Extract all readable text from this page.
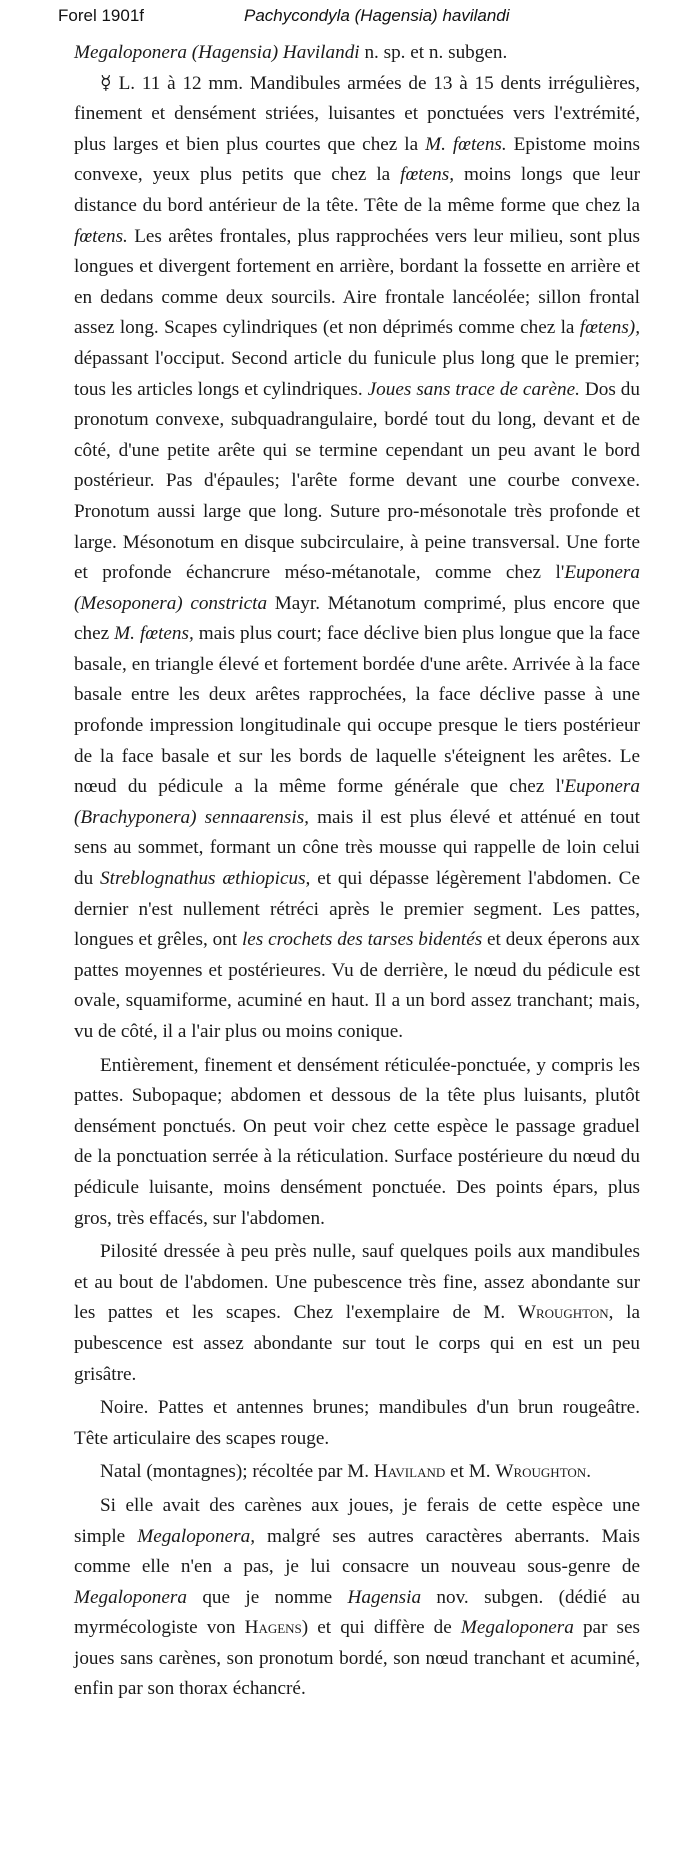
Forel 1901f	Pachycondyla (Hagensia) havilandi

Megaloponera (Hagensia) Havilandi n. sp. et n. subgen.

☿ L. 11 à 12 mm. Mandibules armées de 13 à 15 dents irrégulières, finement et densément striées, luisantes et ponctuées vers l'extrémité, plus larges et bien plus courtes que chez la M. fœtens. Epistome moins convexe, yeux plus petits que chez la fœtens, moins longs que leur distance du bord antérieur de la tête. Tête de la même forme que chez la fœtens. Les arêtes frontales, plus rapprochées vers leur milieu, sont plus longues et divergent fortement en arrière, bordant la fossette en arrière et en dedans comme deux sourcils. Aire frontale lancéolée; sillon frontal assez long. Scapes cylindriques (et non déprimés comme chez la fœtens), dépassant l'occiput. Second article du funicule plus long que le premier; tous les articles longs et cylindriques. Joues sans trace de carène. Dos du pronotum convexe, subquadrangulaire, bordé tout du long, devant et de côté, d'une petite arête qui se termine cependant un peu avant le bord postérieur. Pas d'épaules; l'arête forme devant une courbe convexe. Pronotum aussi large que long. Suture pro-mésonotale très profonde et large. Mésonotum en disque subcirculaire, à peine transversal. Une forte et profonde échancrure méso-métanotale, comme chez l'Euponera (Mesoponera) constricta Mayr. Métanotum comprimé, plus encore que chez M. fœtens, mais plus court; face déclive bien plus longue que la face basale, en triangle élevé et fortement bordée d'une arête. Arrivée à la face basale entre les deux arêtes rapprochées, la face déclive passe à une profonde impression longitudinale qui occupe presque le tiers postérieur de la face basale et sur les bords de laquelle s'éteignent les arêtes. Le nœud du pédicule a la même forme générale que chez l'Euponera (Brachyponera) sennaarensis, mais il est plus élevé et atténué en tout sens au sommet, formant un cône très mousse qui rappelle de loin celui du Streblognathus æthiopicus, et qui dépasse légèrement l'abdomen. Ce dernier n'est nullement rétréci après le premier segment. Les pattes, longues et grêles, ont les crochets des tarses bidentés et deux éperons aux pattes moyennes et postérieures. Vu de derrière, le nœud du pédicule est ovale, squamiforme, acuminé en haut. Il a un bord assez tranchant; mais, vu de côté, il a l'air plus ou moins conique.

Entièrement, finement et densément réticulée-ponctuée, y compris les pattes. Subopaque; abdomen et dessous de la tête plus luisants, plutôt densément ponctués. On peut voir chez cette espèce le passage graduel de la ponctuation serrée à la réticulation. Surface postérieure du nœud du pédicule luisante, moins densément ponctuée. Des points épars, plus gros, très effacés, sur l'abdomen.

Pilosité dressée à peu près nulle, sauf quelques poils aux mandibules et au bout de l'abdomen. Une pubescence très fine, assez abondante sur les pattes et les scapes. Chez l'exemplaire de M. Wroughton, la pubescence est assez abondante sur tout le corps qui en est un peu grisâtre.

Noire. Pattes et antennes brunes; mandibules d'un brun rougeâtre. Tête articulaire des scapes rouge.

Natal (montagnes); récoltée par M. Haviland et M. Wroughton.

Si elle avait des carènes aux joues, je ferais de cette espèce une simple Megaloponera, malgré ses autres caractères aberrants. Mais comme elle n'en a pas, je lui consacre un nouveau sous-genre de Megaloponera que je nomme Hagensia nov. subgen. (dédié au myrmécologiste von Hagens) et qui diffère de Megaloponera par ses joues sans carènes, son pronotum bordé, son nœud tranchant et acuminé, enfin par son thorax échancré.
